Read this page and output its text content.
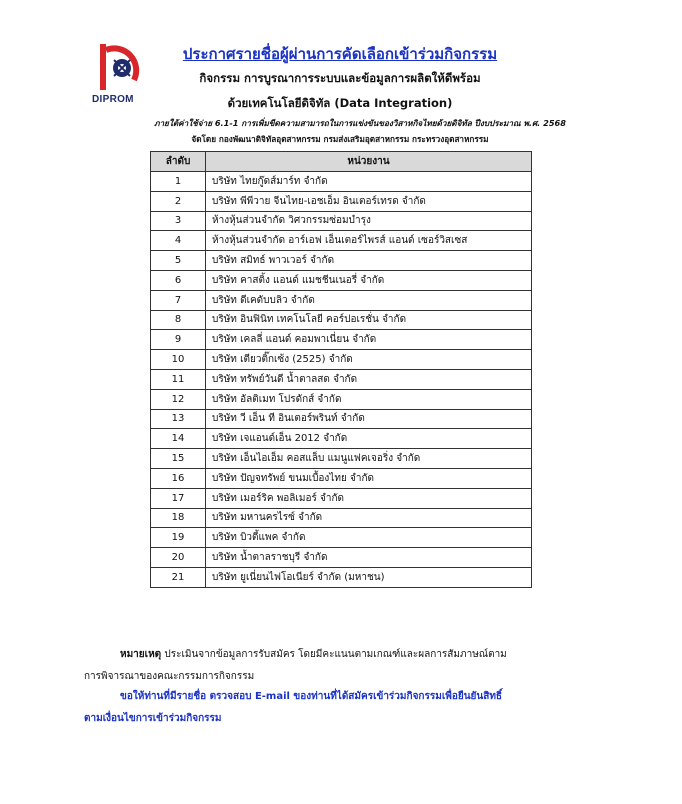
DIPROM
ประกาศรายชื่อผู้ผ่านการคัดเลือกเข้าร่วมกิจกรรม
กิจกรรม การบูรณาการระบบและข้อมูลการผลิตให้ดีพร้อม
ด้วยเทคโนโลยีดิจิทัล (Data Integration)
ภายใต้ค่าใช้จ่าย 6.1-1 การเพิ่มขีดความสามารถในการแข่งขันของวิสาหกิจไทยด้วยดิจิทัล ปีงบประมาณ พ.ศ. 2568
จัดโดย กองพัฒนาดิจิทัลอุตสาหกรรม กรมส่งเสริมอุตสาหกรรม กระทรวงอุตสาหกรรม
ลำดับ	หน่วยงาน
1	บริษัท ไทยกู๊ดส์มาร์ท จำกัด
2	บริษัท พีพีวาย จีนไทย-เอชเอ็ม อินเตอร์เทรด จำกัด
3	ห้างหุ้นส่วนจำกัด วิศวกรรมซ่อมบำรุง
4	ห้างหุ้นส่วนจำกัด อาร์เอฟ เอ็นเตอร์ไพรส์ แอนด์ เซอร์วิสเซส
5	บริษัท สมิทธ์ พาวเวอร์ จำกัด
6	บริษัท คาสติ้ง แอนด์ แมชชีนเนอรี่ จำกัด
7	บริษัท ดีเคดับบลิว จำกัด
8	บริษัท อินฟินิท เทคโนโลยี คอร์ปอเรชั่น จำกัด
9	บริษัท เคลลี่ แอนด์ คอมพาเนี่ยน จำกัด
10	บริษัท เตียวติ๊กเซ้ง (2525) จำกัด
11	บริษัท ทรัพย์วันดี น้ำตาลสด จำกัด
12	บริษัท อัลติเมท โปรดักส์ จำกัด
13	บริษัท วี เอ็น ที อินเตอร์พรินท์ จำกัด
14	บริษัท เจแอนด์เอ็น 2012 จำกัด
15	บริษัท เอ็นไอเอ็ม คอสแล็บ แมนูแฟคเจอริ่ง จำกัด
16	บริษัท ปัญจทรัพย์ ขนมเบื้องไทย จำกัด
17	บริษัท เมอร์ริค พอลิเมอร์ จำกัด
18	บริษัท มหานครไรซ์ จำกัด
19	บริษัท บิวตี้แพค จำกัด
20	บริษัท น้ำตาลราชบุรี จำกัด
21	บริษัท ยูเนี่ยนไฟโอเนียร์ จำกัด (มหาชน)
หมายเหตุ ประเมินจากข้อมูลการรับสมัคร โดยมีคะแนนตามเกณฑ์และผลการสัมภาษณ์ตาม
การพิจารณาของคณะกรรมการกิจกรรม
ขอให้ท่านที่มีรายชื่อ ตรวจสอบ E-mail ของท่านที่ได้สมัครเข้าร่วมกิจกรรมเพื่อยืนยันสิทธิ์
ตามเงื่อนไขการเข้าร่วมกิจกรรม
